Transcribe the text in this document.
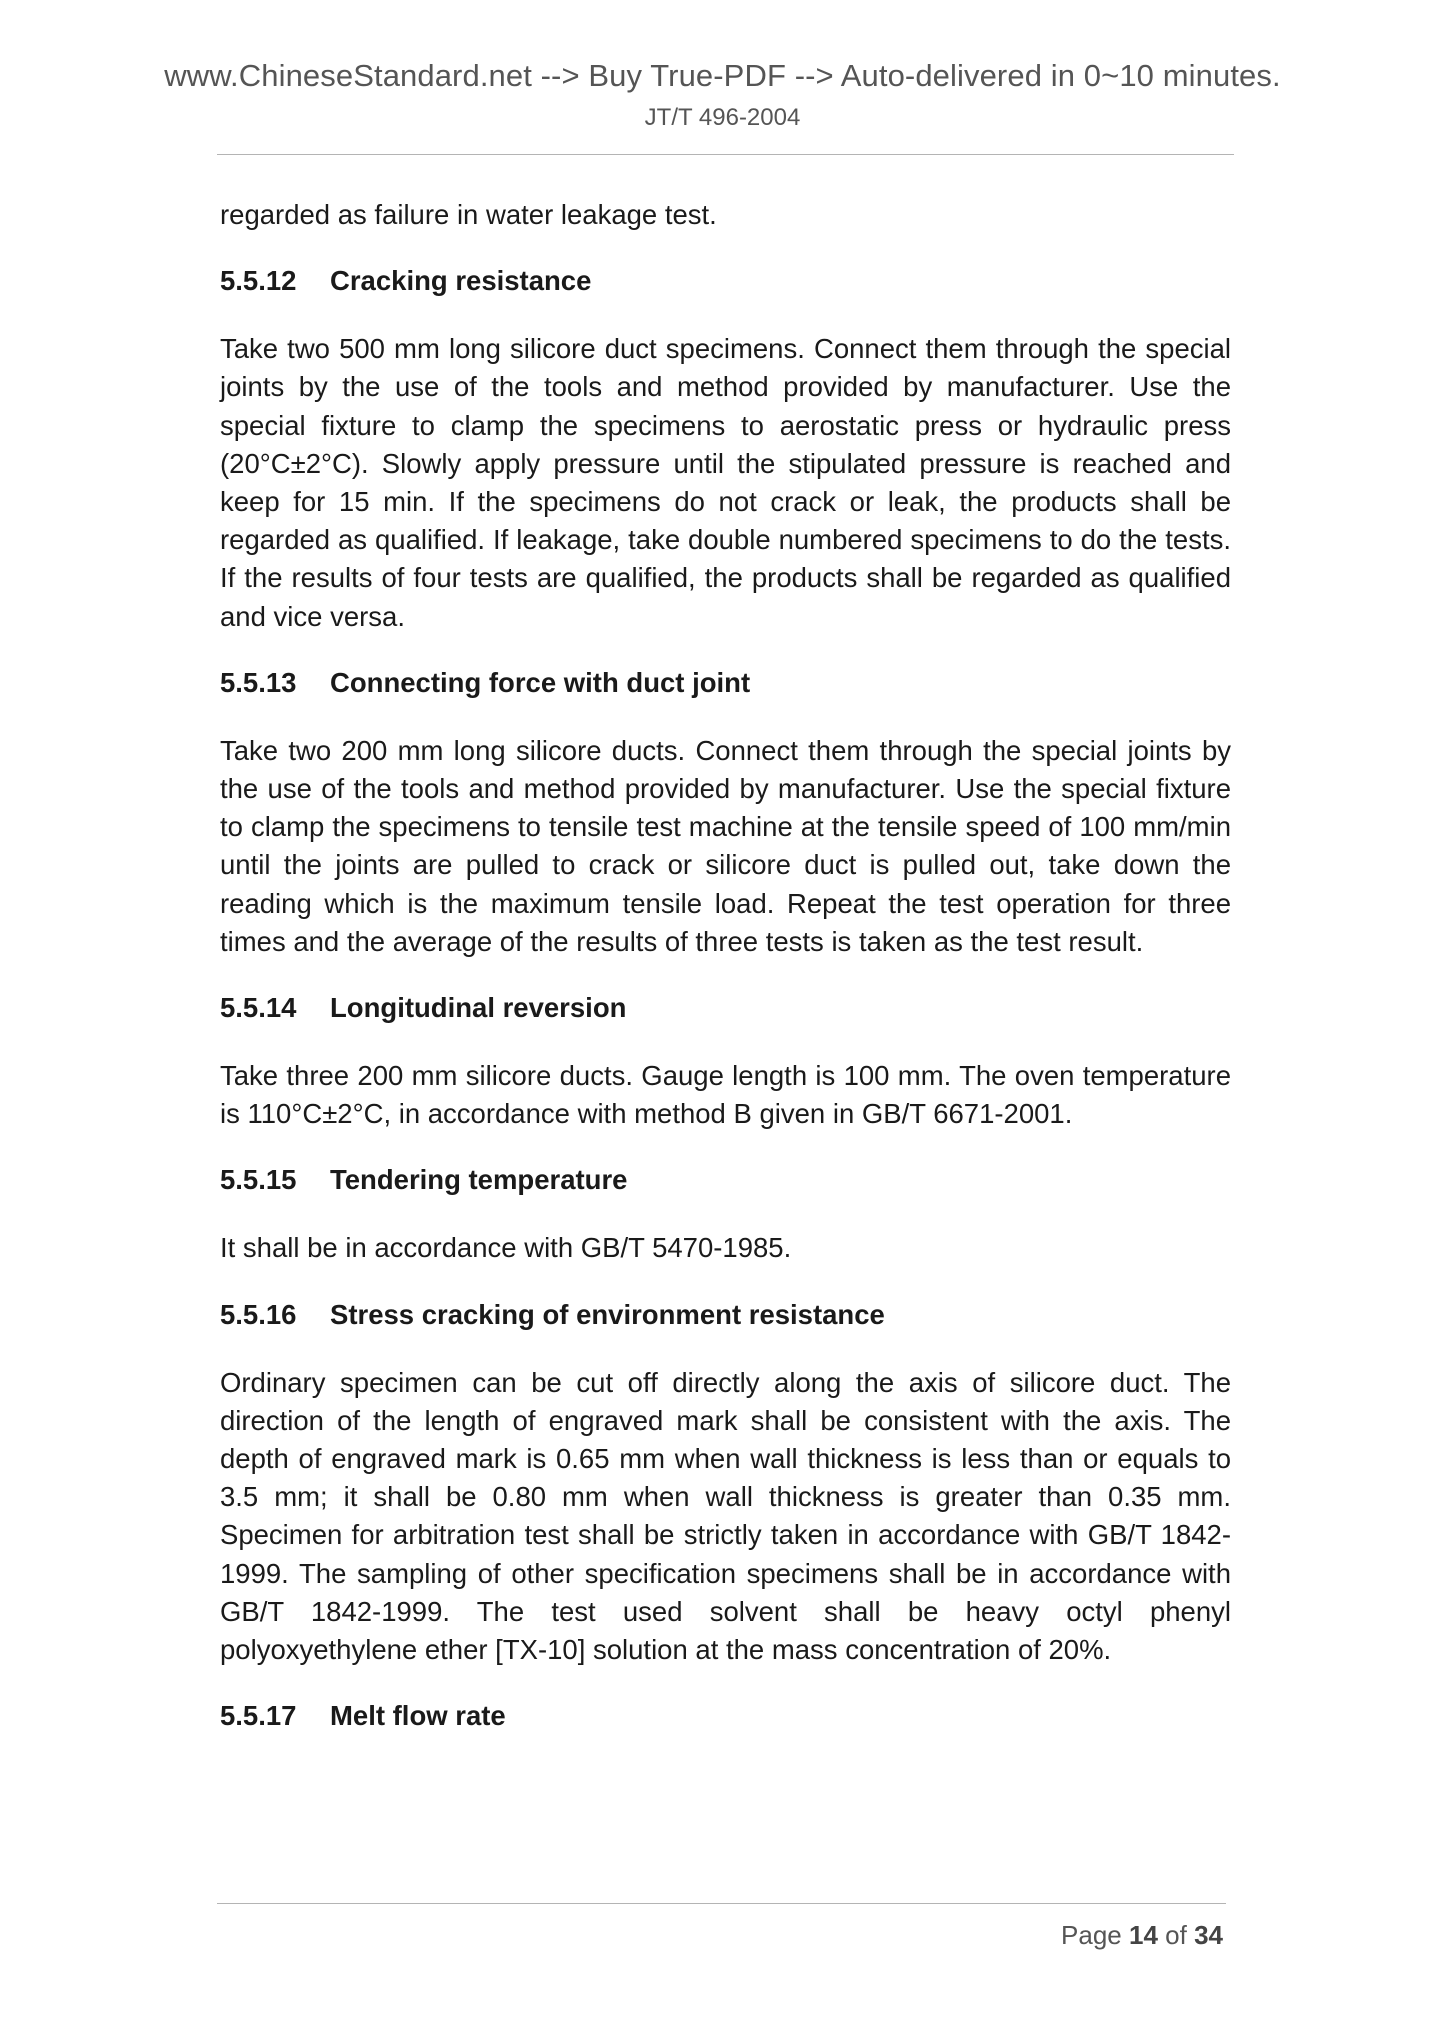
www.ChineseStandard.net --> Buy True-PDF --> Auto-delivered in 0~10 minutes.
JT/T 496-2004

regarded as failure in water leakage test.

5.5.12 Cracking resistance

Take two 500 mm long silicore duct specimens. Connect them through the special joints by the use of the tools and method provided by manufacturer. Use the special fixture to clamp the specimens to aerostatic press or hydraulic press (20°C±2°C). Slowly apply pressure until the stipulated pressure is reached and keep for 15 min. If the specimens do not crack or leak, the products shall be regarded as qualified. If leakage, take double numbered specimens to do the tests. If the results of four tests are qualified, the products shall be regarded as qualified and vice versa.

5.5.13 Connecting force with duct joint

Take two 200 mm long silicore ducts. Connect them through the special joints by the use of the tools and method provided by manufacturer. Use the special fixture to clamp the specimens to tensile test machine at the tensile speed of 100 mm/min until the joints are pulled to crack or silicore duct is pulled out, take down the reading which is the maximum tensile load. Repeat the test operation for three times and the average of the results of three tests is taken as the test result.

5.5.14 Longitudinal reversion

Take three 200 mm silicore ducts. Gauge length is 100 mm. The oven temperature is 110°C±2°C, in accordance with method B given in GB/T 6671-2001.

5.5.15 Tendering temperature

It shall be in accordance with GB/T 5470-1985.

5.5.16 Stress cracking of environment resistance

Ordinary specimen can be cut off directly along the axis of silicore duct. The direction of the length of engraved mark shall be consistent with the axis. The depth of engraved mark is 0.65 mm when wall thickness is less than or equals to 3.5 mm; it shall be 0.80 mm when wall thickness is greater than 0.35 mm. Specimen for arbitration test shall be strictly taken in accordance with GB/T 1842-1999. The sampling of other specification specimens shall be in accordance with GB/T 1842-1999. The test used solvent shall be heavy octyl phenyl polyoxyethylene ether [TX-10] solution at the mass concentration of 20%.

5.5.17 Melt flow rate
Page 14 of 34
